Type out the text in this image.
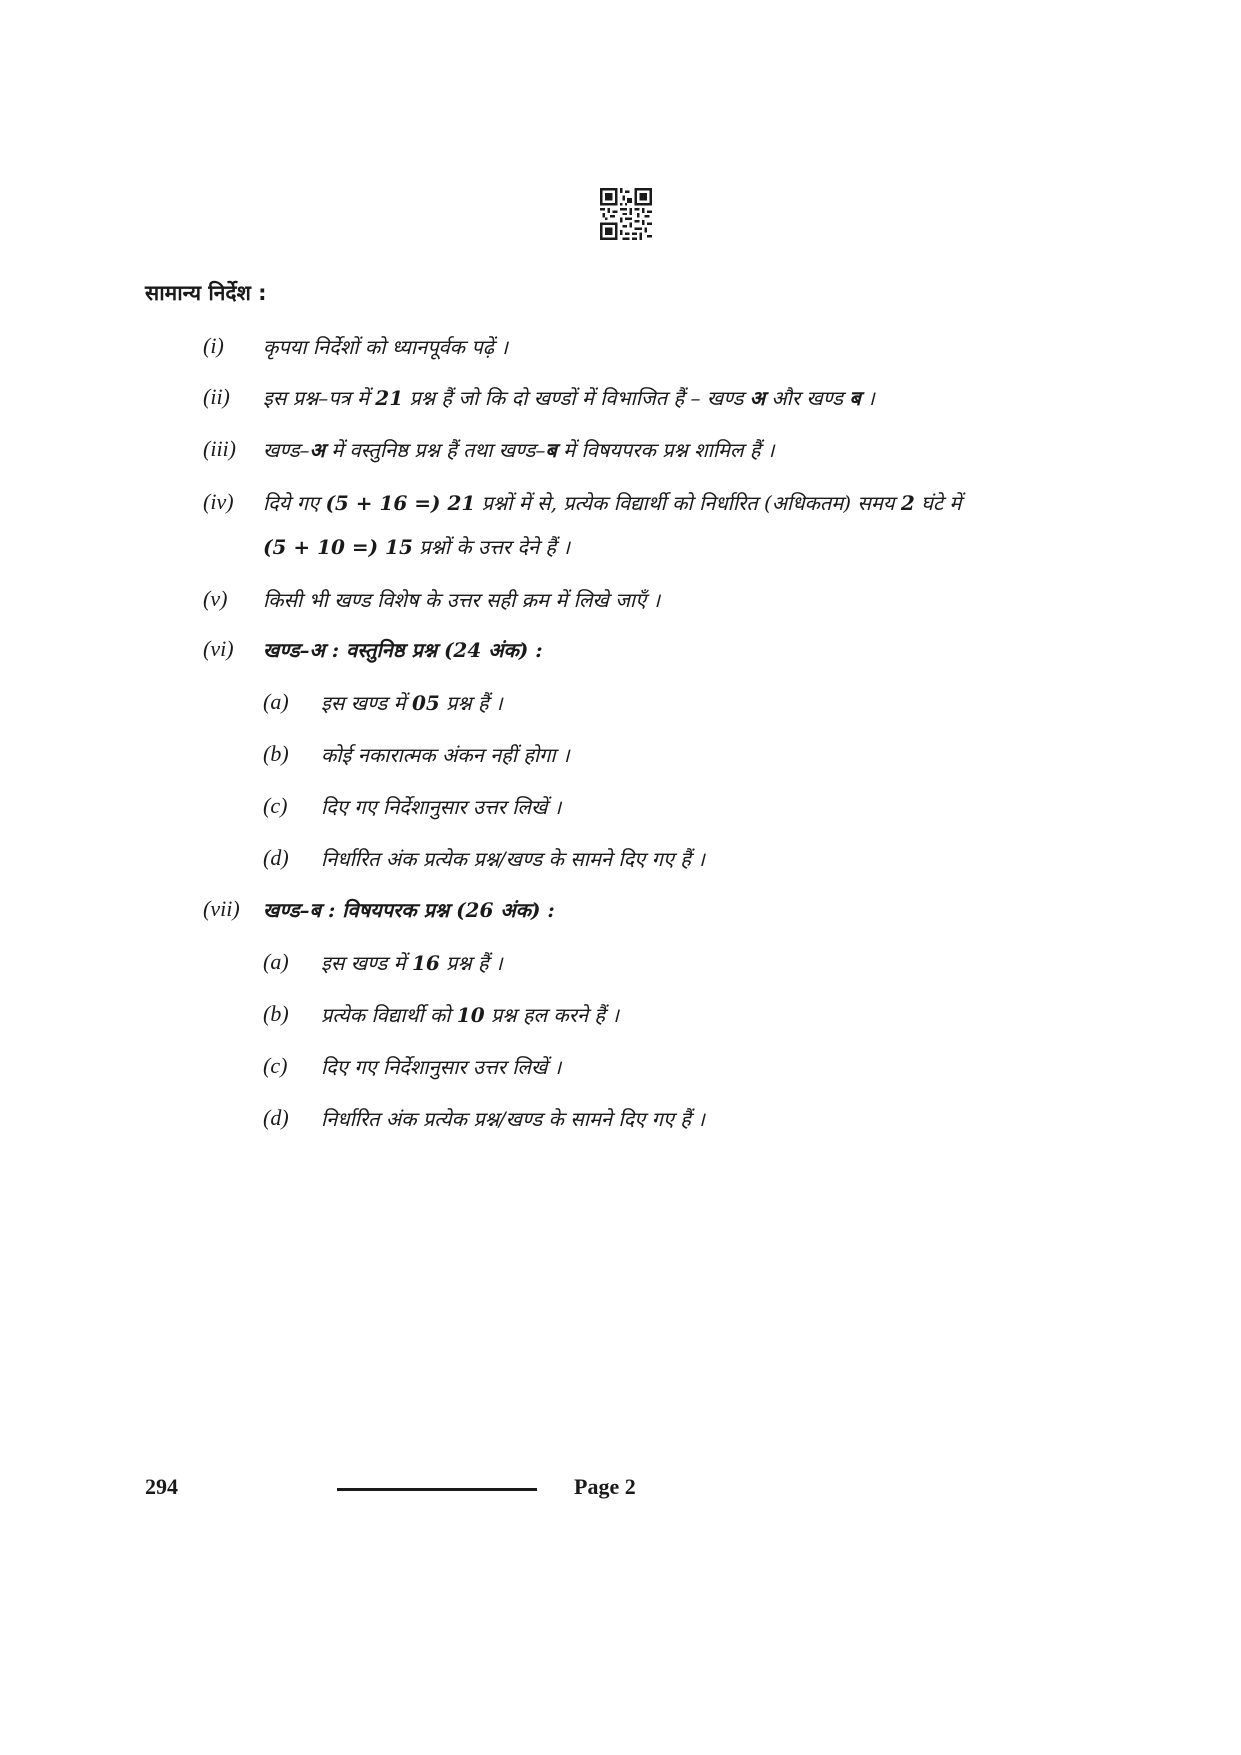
सामान्य निर्देश :
(i) कृपया निर्देशों को ध्यानपूर्वक पढ़ें ।
(ii) इस प्रश्न–पत्र में 21 प्रश्न हैं जो कि दो खण्डों में विभाजित हैं – खण्ड अ और खण्ड ब ।
(iii) खण्ड–अ में वस्तुनिष्ठ प्रश्न हैं तथा खण्ड–ब में विषयपरक प्रश्न शामिल हैं ।
(iv) दिये गए (5 + 16 =) 21 प्रश्नों में से, प्रत्येक विद्यार्थी को निर्धारित (अधिकतम) समय 2 घंटे में
(5 + 10 =) 15 प्रश्नों के उत्तर देने हैं ।
(v) किसी भी खण्ड विशेष के उत्तर सही क्रम में लिखे जाएँ ।
(vi) खण्ड–अ : वस्तुनिष्ठ प्रश्न (24 अंक) :
(a) इस खण्ड में 05 प्रश्न हैं ।
(b) कोई नकारात्मक अंकन नहीं होगा ।
(c) दिए गए निर्देशानुसार उत्तर लिखें ।
(d) निर्धारित अंक प्रत्येक प्रश्न/खण्ड के सामने दिए गए हैं ।
(vii) खण्ड–ब : विषयपरक प्रश्न (26 अंक) :
(a) इस खण्ड में 16 प्रश्न हैं ।
(b) प्रत्येक विद्यार्थी को 10 प्रश्न हल करने हैं ।
(c) दिए गए निर्देशानुसार उत्तर लिखें ।
(d) निर्धारित अंक प्रत्येक प्रश्न/खण्ड के सामने दिए गए हैं ।
294	Page 2
